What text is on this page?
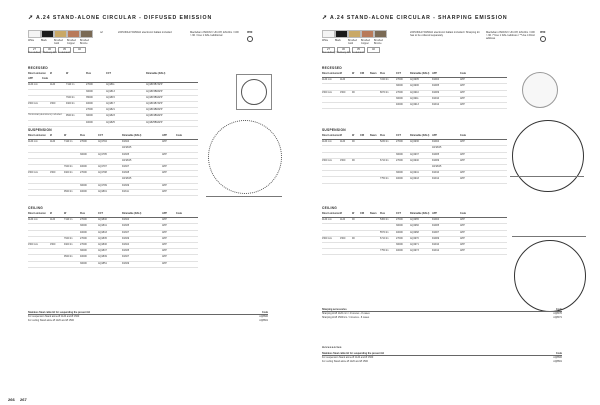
➚ A.24 STAND-ALONE CIRCULAR - DIFFUSED EMISSION
White	Black	Brushed Gold
Brushed Copper
Brushed Bronze
27	30	35	40
Flux delivery / Delivery time on demand
ref	220V/60Hz 50/60Hz electronic ballast included	MacAdam 2SDCM / UN-Off, EN-Dim / CRI > 90 / Use 1 DALI additional
IP20
RECESSED
Direct emission Ø	W	Flux	CCT	Dimmable (DALI)APP	Code
1120 mm	1120	7110 lm	2700K	AQ1811	AQ1815B7APP
3000K	AQ1813	AQ1815B8APP
7640 lm	3500K	AQ1815	AQ1815B9APP
1500 mm	1500	9100 lm	4000K	AQ1817	AQ1819B7APP
2700K	AQ1821	AQ1819B8APP
9540 lm	3000K	AQ1823	AQ1819B9APP
4000K	AQ1825	AQ1825B9APP
Horizontal (aluminium) included
SUSPENSION
Direct emission Ø	W	Flux	CCT	Dimmable (DALI)	APP	Code
1120 mm	1120	7110 lm	2700K	AQ1794	D1304	APP
18/18/25
3000K	AQ1795	D1305	APP
18/18/25
7640 lm	4000K	AQ1797	D1307	APP
1500 mm	1500	9100 lm	2700K	AQ1798	D1308	APP
18/18/25
3000K	AQ1799	D1309	APP
9540 lm	4000K	AQ1801	D1311	APP
CEILING
Direct emission Ø	W	Flux	CCT	Dimmable (DALI)	APP	Code
1120 mm	1120	7110 lm	2700K	AQ1840	D1304	APP
3000K	AQ1841	D1305	APP
4000K	AQ1843	D1307	APP
7640 lm	2700K	AQ1845	D1309	APP
1500 mm	1500	9100 lm	2700K	AQ1846	D1304	APP
3000K	AQ1847	D1305	APP
9540 lm	4000K	AQ1849	D1307	APP
3000K	AQ1851	D1309	APP
Stainless Steel cable kit for suspending the present kit	Code
For suspension Stand alone Ø 1120 and Ø 1500	AQ8800
For ceiling Stand alone Ø 1120 and Ø 1500	AQ8801
266
➚ A.24 STAND-ALONE CIRCULAR - SHARPING EMISSION
White	Black	Brushed Gold
Brushed Copper
Brushed Bronze
27	30	35	40
Flux delivery / Delivery time on demand
220V/60Hz 50/60Hz electronic ballast included / Sharping kit has to be ordered separately
MacAdam 2SDCM / UN-Off, EN-Dim / CRI > 90 / *Use 1 DALI address / **Use 4 DALI address
IP20
RECESSED
Direct emissionØ	W CRI Beam Flux	CCT	Dimmable (DALI) APP	Code
1120 mm	1120	7240 lm	2700K	AQ1905	D1904	APP
3000K	AQ1906	D1905	APP
1500 mm	1500	90	8070 lm	2700K	AQ1910	D1909	APP
3000K	AQ1911	D1910	APP
4000K	AQ1913	D1912	APP
SUSPENSION
Direct emissionØ	W CRI Beam Flux	CCT	Dimmable (DALI) APP	Code
1120 mm	1120	90	5230 lm	2700K	AQ1936	D1904	APP
18/18/25
3000K	AQ1937	D1905	APP
1500 mm	1500	90	6710 lm	2700K	AQ1940	D1909	APP
18/18/25
3000K	AQ1941	D1910	APP
7750 lm	4000K	AQ1943	D1912	APP
CEILING
Direct emissionØ	W CRI Beam Flux	CCT	Dimmable (DALI) APP	Code
1120 mm	1120	90	5360 lm	2700K	AQ1965	D1904	APP
3000K	AQ1966	D1905	APP
5570 lm	4000K	AQ1968	D1907	APP
1500 mm	1500	90	6710 lm	2700K	AQ1970	D1909	APP
3000K	AQ1971	D1910	APP
7750 lm	4000K	AQ1973	D1912	APP
Sharping accessories	Code
Sharping kit Ø 1120 mm / 4 louvres - 8 cases	AQ8970
Sharping kit Ø 1500mm / 4 louvres - 8 cases	AQ8971
Accessories
Stainless Steel cable kit for suspending the present kit	Code
For suspension Stand alone Ø 1120 and Ø 1500	AQ8800
For ceiling Stand alone Ø 1120 and Ø 1500	AQ8801
267
